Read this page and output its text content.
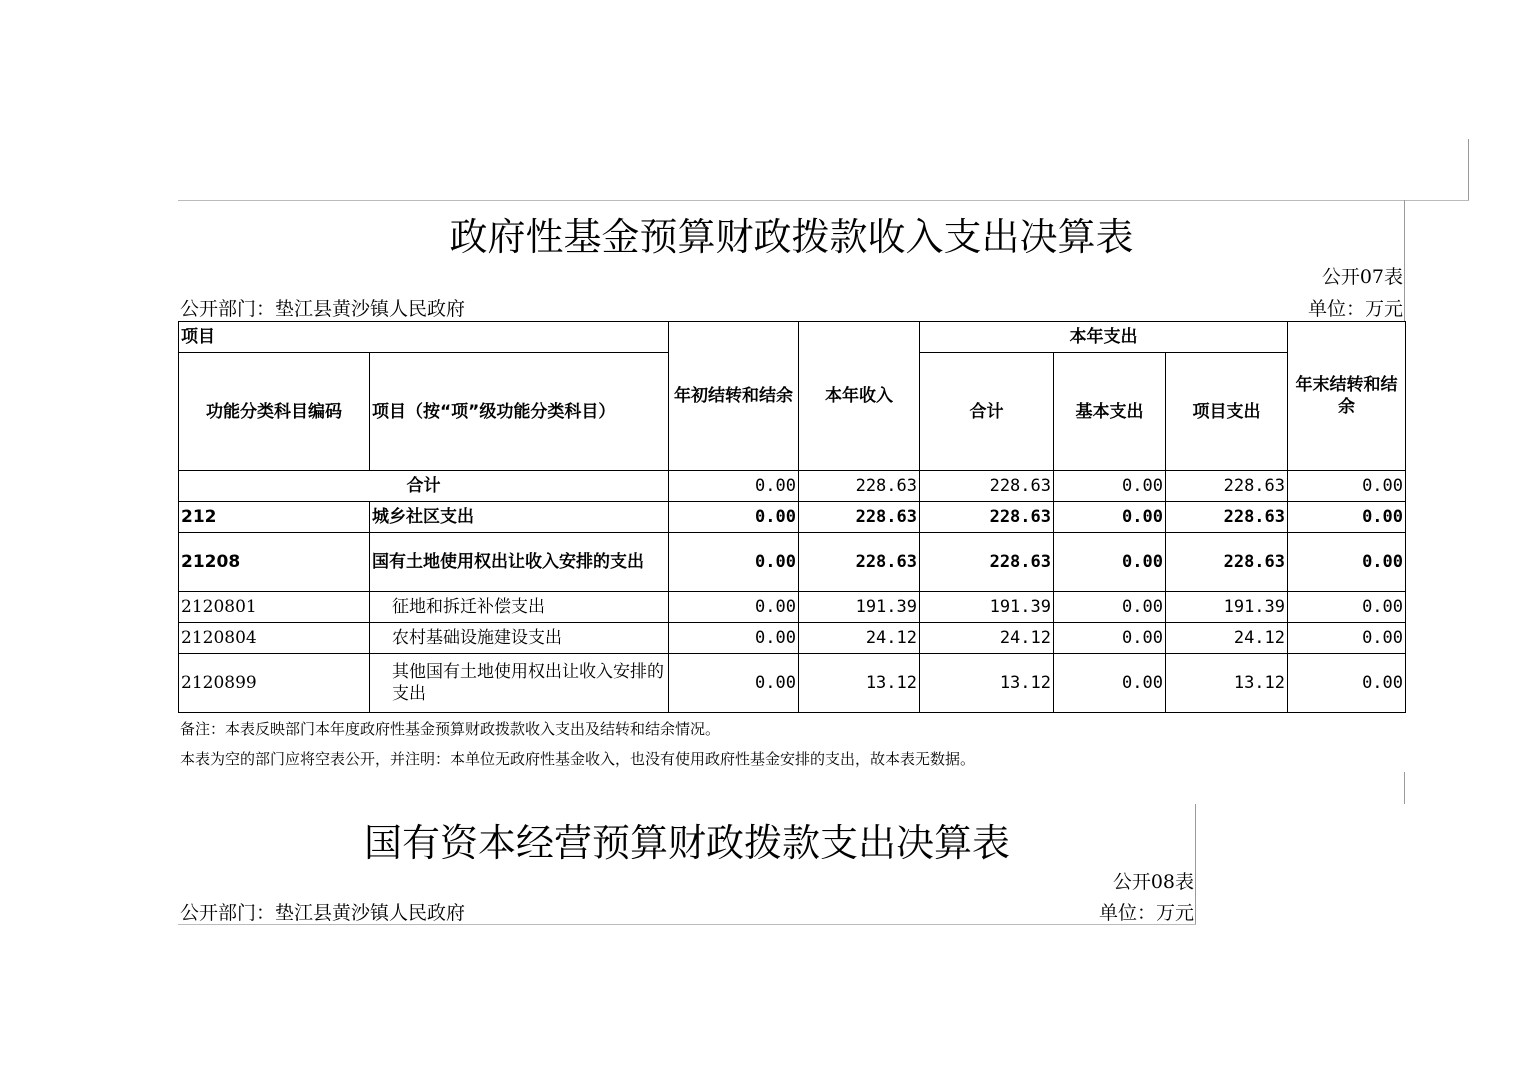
政府性基金预算财政拨款收入支出决算表
公开07表
公开部门：垫江县黄沙镇人民政府	单位：万元
项目		年初结转和结余	本年收入	本年支出			年末结转和结余
功能分类科目编码	项目（按“项”级功能分类科目）			合计	基本支出	项目支出	
合计		0.00	228.63	228.63	0.00	228.63	0.00
212	城乡社区支出	0.00	228.63	228.63	0.00	228.63	0.00
21208	国有土地使用权出让收入安排的支出	0.00	228.63	228.63	0.00	228.63	0.00
2120801	征地和拆迁补偿支出	0.00	191.39	191.39	0.00	191.39	0.00
2120804	农村基础设施建设支出	0.00	24.12	24.12	0.00	24.12	0.00
2120899	其他国有土地使用权出让收入安排的支出	0.00	13.12	13.12	0.00	13.12	0.00
备注：本表反映部门本年度政府性基金预算财政拨款收入支出及结转和结余情况。
本表为空的部门应将空表公开，并注明：本单位无政府性基金收入，也没有使用政府性基金安排的支出，故本表无数据。
国有资本经营预算财政拨款支出决算表
公开08表
公开部门：垫江县黄沙镇人民政府	单位：万元
